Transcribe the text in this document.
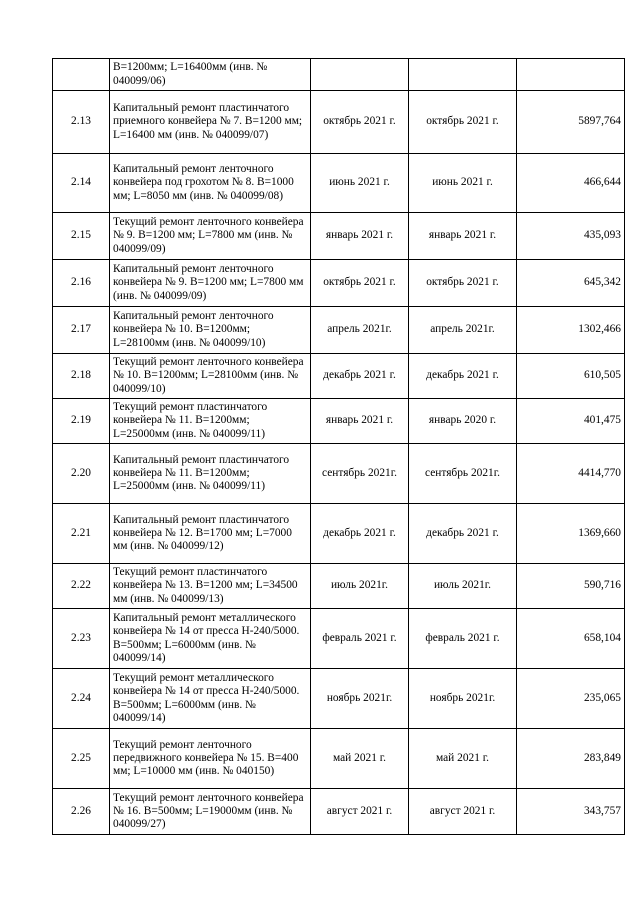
	В=1200мм; L=16400мм (инв. № 040099/06)			
2.13	Капитальный ремонт пластинчатого приемного конвейера № 7. В=1200 мм; L=16400 мм (инв. № 040099/07)	октябрь 2021 г.	октябрь 2021 г.	5897,764
2.14	Капитальный ремонт ленточного конвейера под грохотом № 8. В=1000 мм; L=8050 мм (инв. № 040099/08)	июнь 2021 г.	июнь 2021 г.	466,644
2.15	Текущий ремонт ленточного конвейера № 9. В=1200 мм; L=7800 мм (инв. № 040099/09)	январь 2021 г.	январь 2021 г.	435,093
2.16	Капитальный ремонт ленточного конвейера № 9. В=1200 мм; L=7800 мм (инв. № 040099/09)	октябрь 2021 г.	октябрь 2021 г.	645,342
2.17	Капитальный ремонт ленточного конвейера № 10. В=1200мм; L=28100мм (инв. № 040099/10)	апрель 2021г.	апрель 2021г.	1302,466
2.18	Текущий ремонт ленточного конвейера № 10. В=1200мм; L=28100мм (инв. № 040099/10)	декабрь 2021 г.	декабрь 2021 г.	610,505
2.19	Текущий ремонт пластинчатого конвейера № 11. В=1200мм; L=25000мм (инв. № 040099/11)	январь 2021 г.	январь 2020 г.	401,475
2.20	Капитальный ремонт пластинчатого конвейера № 11. В=1200мм; L=25000мм (инв. № 040099/11)	сентябрь 2021г.	сентябрь 2021г.	4414,770
2.21	Капитальный ремонт пластинчатого конвейера № 12. В=1700 мм; L=7000 мм (инв. № 040099/12)	декабрь 2021 г.	декабрь 2021 г.	1369,660
2.22	Текущий ремонт пластинчатого конвейера № 13. В=1200 мм; L=34500 мм (инв. № 040099/13)	июль 2021г.	июль 2021г.	590,716
2.23	Капитальный ремонт металлического конвейера № 14 от пресса Н-240/5000. В=500мм; L=6000мм (инв. № 040099/14)	февраль 2021 г.	февраль 2021 г.	658,104
2.24	Текущий ремонт металлического конвейера № 14 от пресса Н-240/5000. В=500мм; L=6000мм (инв. № 040099/14)	ноябрь 2021г.	ноябрь 2021г.	235,065
2.25	Текущий ремонт ленточного передвижного конвейера № 15. В=400 мм; L=10000 мм (инв. № 040150)	май 2021 г.	май 2021 г.	283,849
2.26	Текущий ремонт ленточного конвейера № 16. В=500мм; L=19000мм (инв. № 040099/27)	август 2021 г.	август 2021 г.	343,757
